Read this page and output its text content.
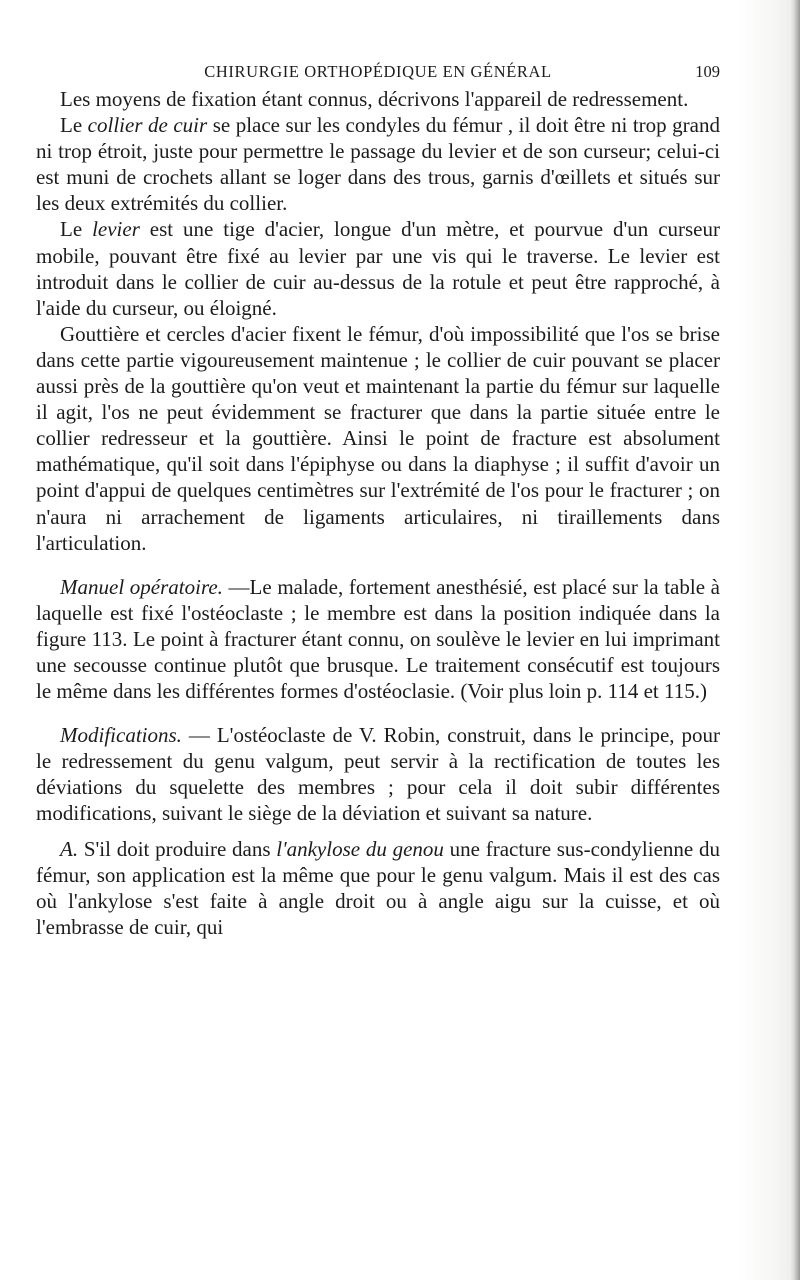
CHIRURGIE ORTHOPÉDIQUE EN GÉNÉRAL	109

Les moyens de fixation étant connus, décrivons l'appareil de redressement.

Le collier de cuir se place sur les condyles du fémur , il doit être ni trop grand ni trop étroit, juste pour permettre le passage du levier et de son curseur; celui-ci est muni de crochets allant se loger dans des trous, garnis d'œillets et situés sur les deux extrémités du collier.

Le levier est une tige d'acier, longue d'un mètre, et pourvue d'un curseur mobile, pouvant être fixé au levier par une vis qui le traverse. Le levier est introduit dans le collier de cuir au-dessus de la rotule et peut être rapproché, à l'aide du curseur, ou éloigné.

Gouttière et cercles d'acier fixent le fémur, d'où impossibilité que l'os se brise dans cette partie vigoureusement maintenue ; le collier de cuir pouvant se placer aussi près de la gouttière qu'on veut et maintenant la partie du fémur sur laquelle il agit, l'os ne peut évidemment se fracturer que dans la partie située entre le collier redresseur et la gouttière. Ainsi le point de fracture est absolument mathématique, qu'il soit dans l'épiphyse ou dans la diaphyse ; il suffit d'avoir un point d'appui de quelques centimètres sur l'extrémité de l'os pour le fracturer ; on n'aura ni arrachement de ligaments articulaires, ni tiraillements dans l'articulation.

Manuel opératoire. —Le malade, fortement anesthésié, est placé sur la table à laquelle est fixé l'ostéoclaste ; le membre est dans la position indiquée dans la figure 113. Le point à fracturer étant connu, on soulève le levier en lui imprimant une secousse continue plutôt que brusque. Le traitement consécutif est toujours le même dans les différentes formes d'ostéoclasie. (Voir plus loin p. 114 et 115.)

Modifications. — L'ostéoclaste de V. Robin, construit, dans le principe, pour le redressement du genu valgum, peut servir à la rectification de toutes les déviations du squelette des membres ; pour cela il doit subir différentes modifications, suivant le siège de la déviation et suivant sa nature.

A. S'il doit produire dans l'ankylose du genou une fracture sus-condylienne du fémur, son application est la même que pour le genu valgum. Mais il est des cas où l'ankylose s'est faite à angle droit ou à angle aigu sur la cuisse, et où l'embrasse de cuir, qui
